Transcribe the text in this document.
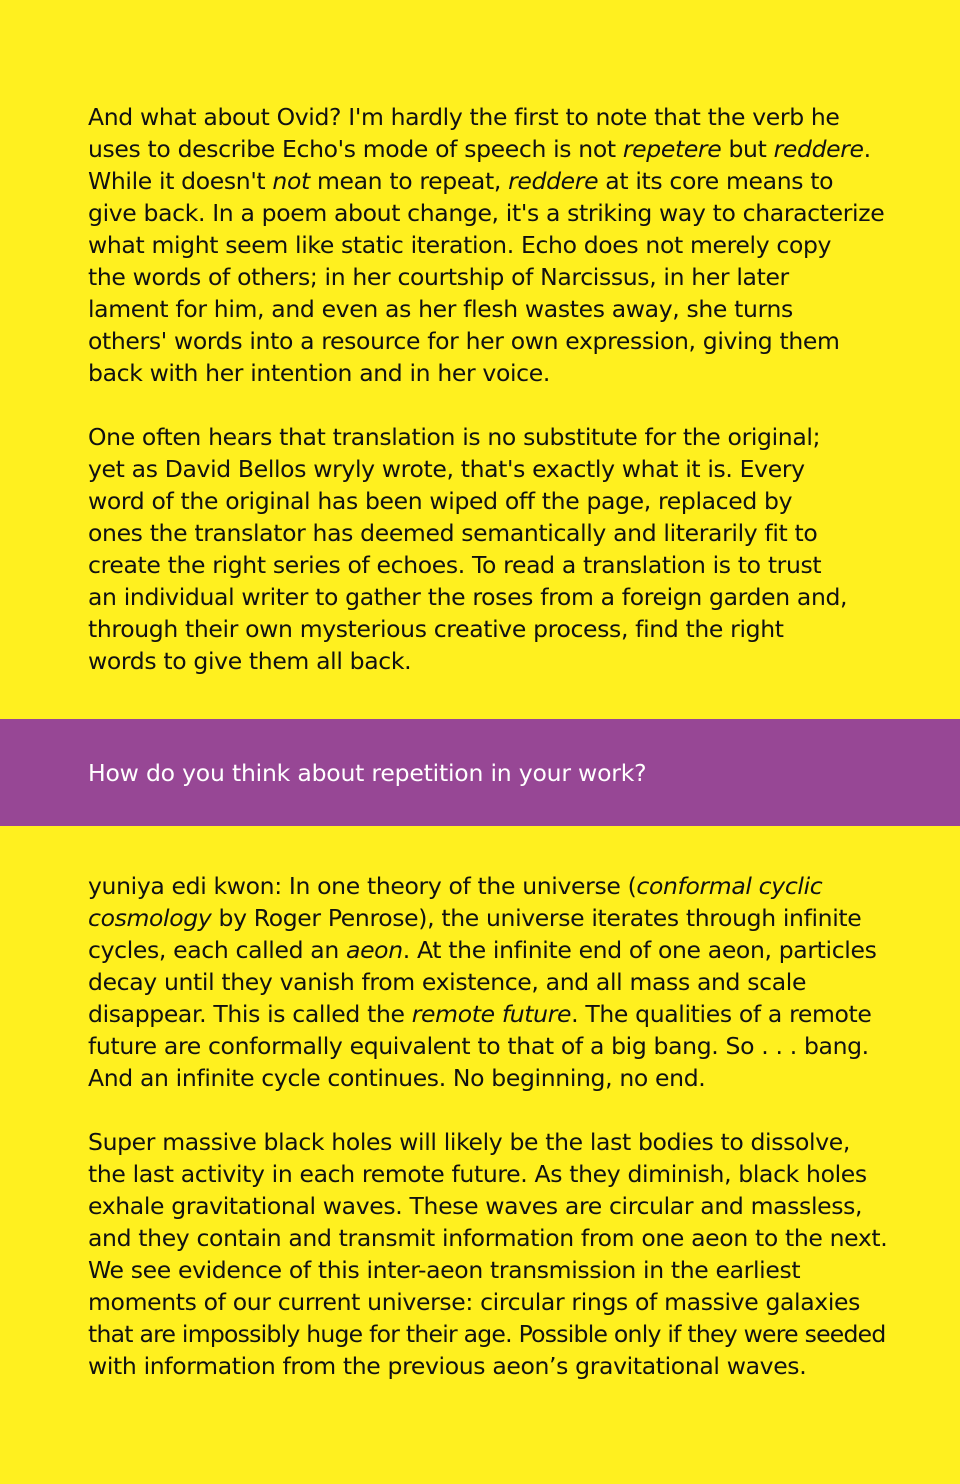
And what about Ovid? I'm hardly the first to note that the verb he
uses to describe Echo's mode of speech is not repetere but reddere.
While it doesn't not mean to repeat, reddere at its core means to
give back. In a poem about change, it's a striking way to characterize
what might seem like static iteration. Echo does not merely copy
the words of others; in her courtship of Narcissus, in her later
lament for him, and even as her flesh wastes away, she turns
others' words into a resource for her own expression, giving them
back with her intention and in her voice.
One often hears that translation is no substitute for the original;
yet as David Bellos wryly wrote, that's exactly what it is. Every
word of the original has been wiped off the page, replaced by
ones the translator has deemed semantically and literarily fit to
create the right series of echoes. To read a translation is to trust
an individual writer to gather the roses from a foreign garden and,
through their own mysterious creative process, find the right
words to give them all back.
How do you think about repetition in your work?
yuniya edi kwon: In one theory of the universe (conformal cyclic
cosmology by Roger Penrose), the universe iterates through infinite
cycles, each called an aeon. At the infinite end of one aeon, particles
decay until they vanish from existence, and all mass and scale
disappear. This is called the remote future. The qualities of a remote
future are conformally equivalent to that of a big bang. So . . . bang.
And an infinite cycle continues. No beginning, no end.
Super massive black holes will likely be the last bodies to dissolve,
the last activity in each remote future. As they diminish, black holes
exhale gravitational waves. These waves are circular and massless,
and they contain and transmit information from one aeon to the next.
We see evidence of this inter-aeon transmission in the earliest
moments of our current universe: circular rings of massive galaxies
that are impossibly huge for their age. Possible only if they were seeded
with information from the previous aeon’s gravitational waves.
